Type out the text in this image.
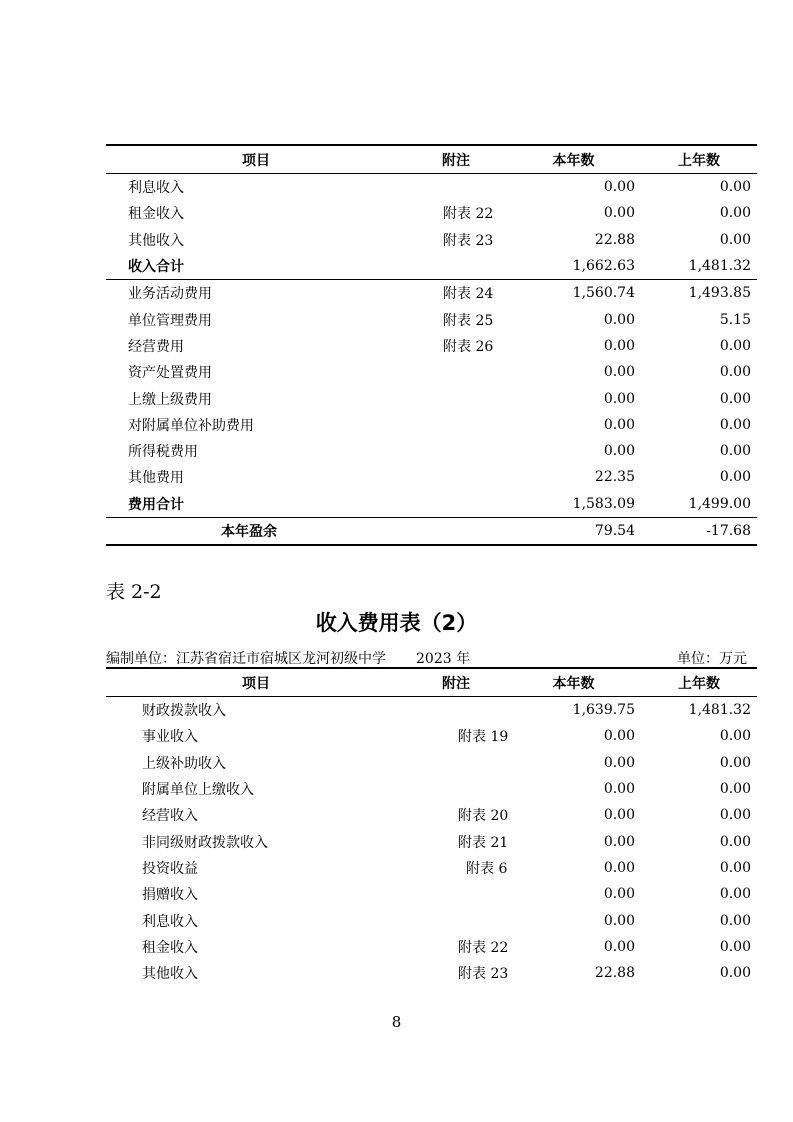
项目	附注	本年数	上年数
利息收入		0.00	0.00
租金收入	附表 22	0.00	0.00
其他收入	附表 23	22.88	0.00
收入合计		1,662.63	1,481.32
业务活动费用	附表 24	1,560.74	1,493.85
单位管理费用	附表 25	0.00	5.15
经营费用	附表 26	0.00	0.00
资产处置费用		0.00	0.00
上缴上级费用		0.00	0.00
对附属单位补助费用		0.00	0.00
所得税费用		0.00	0.00
其他费用		22.35	0.00
费用合计		1,583.09	1,499.00
本年盈余		79.54	-17.68
表 2-2
收入费用表（2）
编制单位：江苏省宿迁市宿城区龙河初级中学 2023 年	单位：万元
项目	附注	本年数	上年数
财政拨款收入		1,639.75	1,481.32
事业收入	附表 19	0.00	0.00
上级补助收入		0.00	0.00
附属单位上缴收入		0.00	0.00
经营收入	附表 20	0.00	0.00
非同级财政拨款收入	附表 21	0.00	0.00
投资收益	附表 6	0.00	0.00
捐赠收入		0.00	0.00
利息收入		0.00	0.00
租金收入	附表 22	0.00	0.00
其他收入	附表 23	22.88	0.00
8
